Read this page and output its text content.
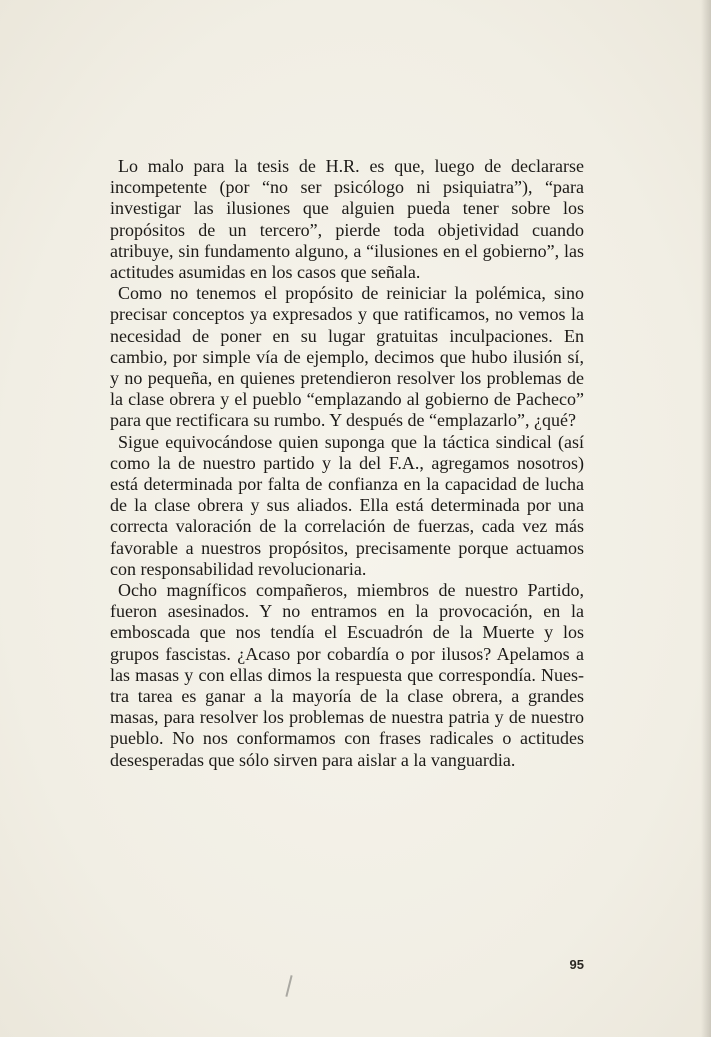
Lo malo para la tesis de H.R. es que, luego de declararse incompetente (por “no ser psicólogo ni psiquiatra”), “para investigar las ilusiones que alguien pueda tener sobre los propósitos de un tercero”, pierde toda objetividad cuando atribuye, sin fundamento alguno, a “ilusiones en el gobierno”, las actitudes asumidas en los casos que señala.

Como no tenemos el propósito de reiniciar la polémica, sino precisar conceptos ya expresados y que ratificamos, no vemos la necesidad de poner en su lugar gratuitas inculpaciones. En cambio, por simple vía de ejemplo, decimos que hubo ilusión sí, y no pequeña, en quienes pretendieron resolver los problemas de la clase obrera y el pueblo “emplazando al gobierno de Pacheco” para que rectificara su rumbo. Y después de “emplazarlo”, ¿qué?

Sigue equivocándose quien suponga que la táctica sindical (así como la de nuestro partido y la del F.A., agregamos nosotros) está determinada por falta de confianza en la capacidad de lucha de la clase obrera y sus aliados. Ella está determinada por una correcta valoración de la correlación de fuerzas, cada vez más favorable a nuestros propósitos, precisamente porque actuamos con responsabilidad revolucionaria.

Ocho magníficos compañeros, miembros de nuestro Partido, fueron asesinados. Y no entramos en la provocación, en la emboscada que nos tendía el Escuadrón de la Muerte y los grupos fascistas. ¿Acaso por cobardía o por ilusos? Apelamos a las masas y con ellas dimos la respuesta que correspondía. Nuestra tarea es ganar a la mayoría de la clase obrera, a grandes masas, para resolver los problemas de nuestra patria y de nuestro pueblo. No nos conformamos con frases radicales o actitudes desesperadas que sólo sirven para aislar a la vanguardia.

95
